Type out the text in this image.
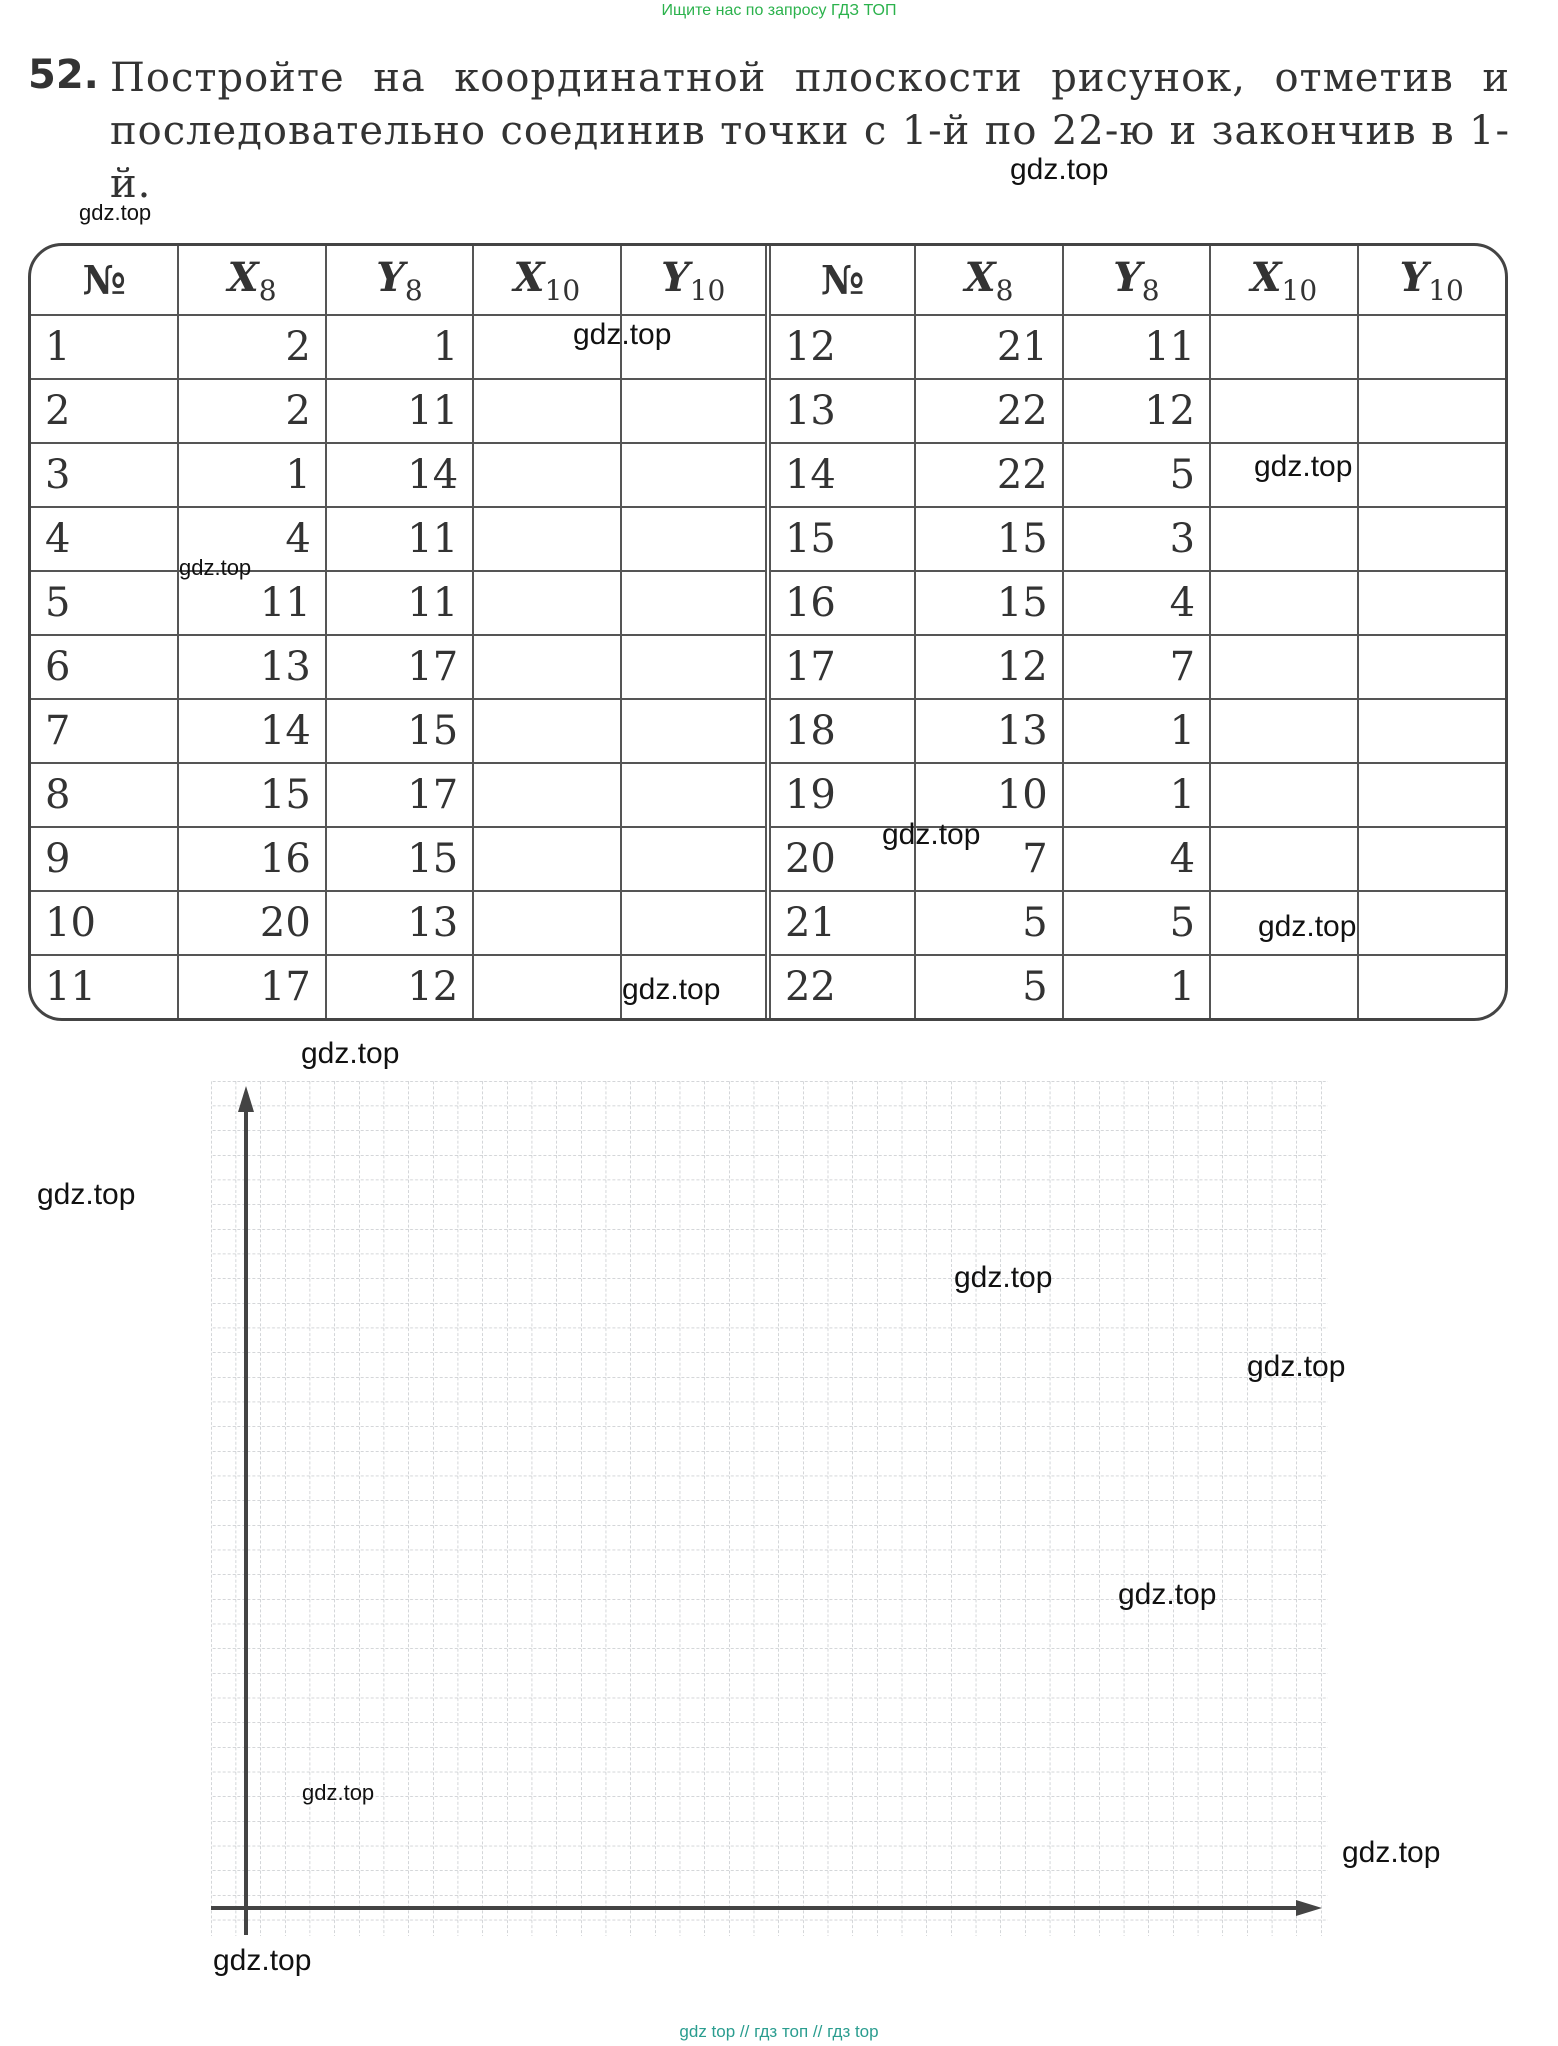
Ищите нас по запросу ГДЗ ТОП
52. Постройте на координатной плоскости рисунок, отметив и последовательно соединив точки с 1-й по 22-ю и закончив в 1-й.
№	$X_8$	$Y_8$	$X_{10}$	$Y_{10}$	№	$X_8$	$Y_8$	$X_{10}$	$Y_{10}$
1	2	1			12	21	11		
2	2	11			13	22	12		
3	1	14			14	22	5		
4	4	11			15	15	3		
5	11	11			16	15	4		
6	13	17			17	12	7		
7	14	15			18	13	1		
8	15	17			19	10	1		
9	16	15			20	7	4		
10	20	13			21	5	5		
11	17	12			22	5	1		
gdz.top
gdz.top
gdz.top
gdz.top
gdz.top
gdz.top
gdz.top
gdz.top
gdz.top
gdz.top
gdz.top
gdz.top
gdz.top
gdz.top
gdz.top
gdz.top
gdz top // гдз топ // гдз top
